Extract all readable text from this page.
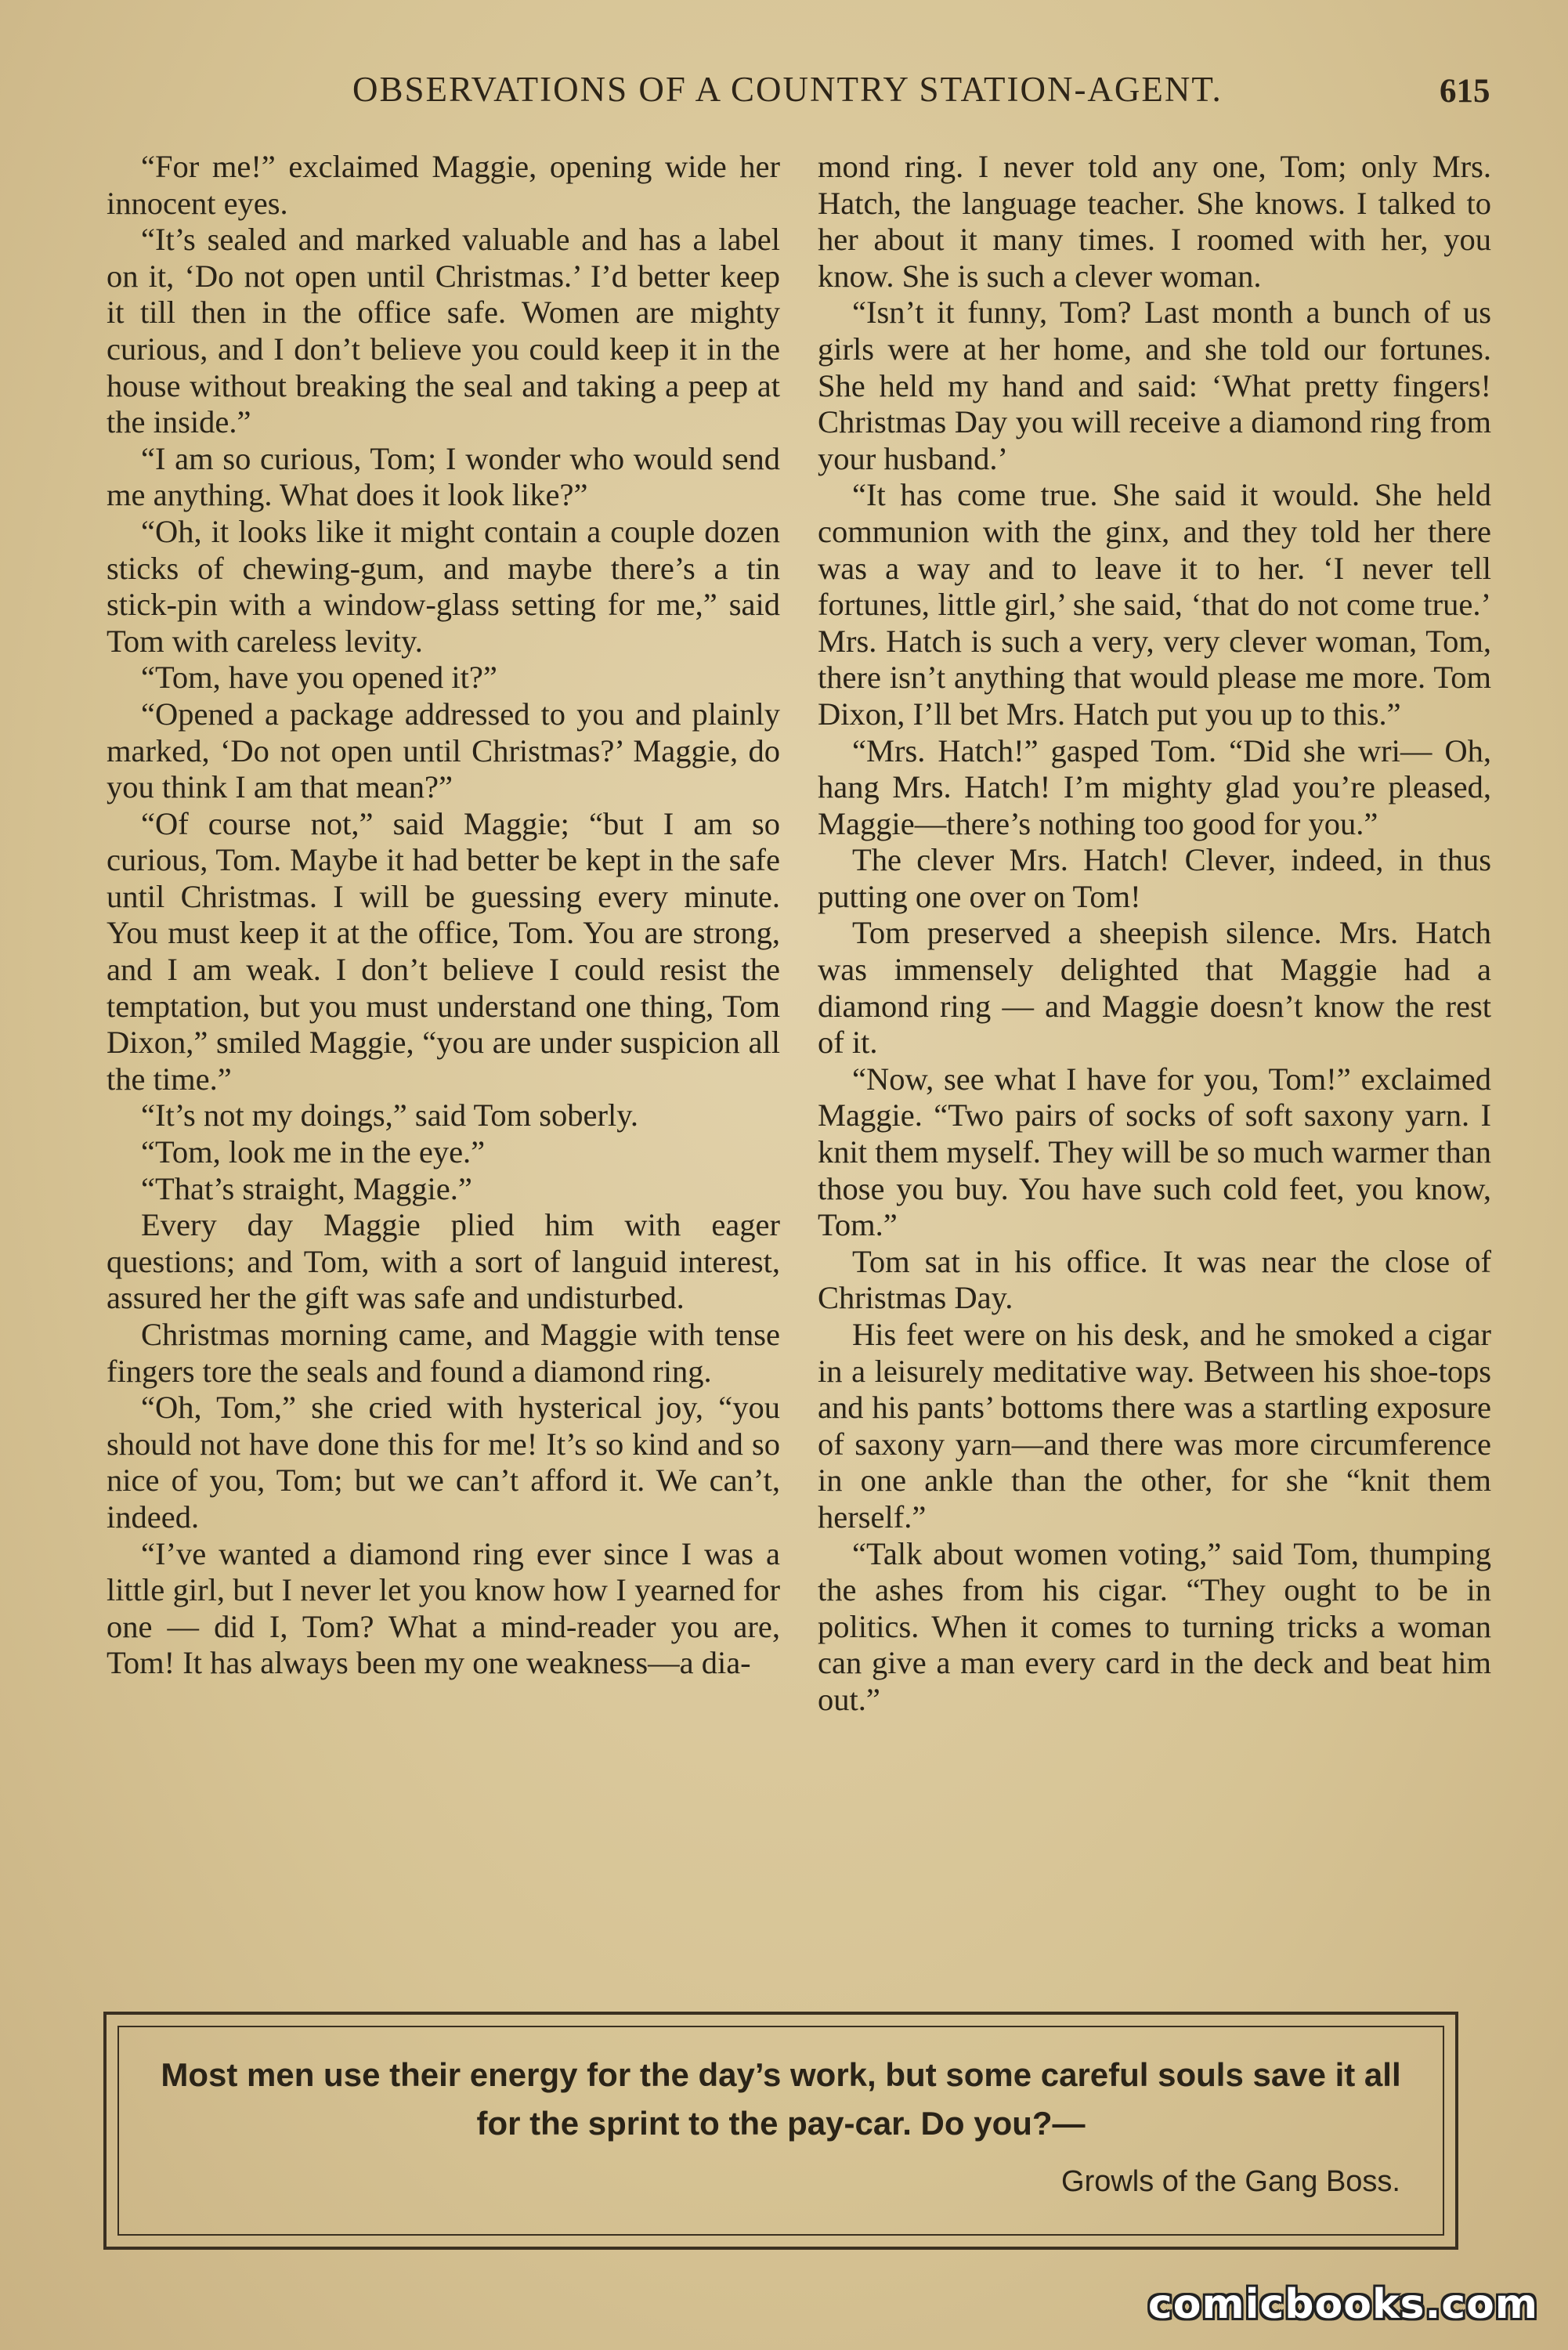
OBSERVATIONS OF A COUNTRY STATION-AGENT.	615

“For me!” exclaimed Maggie, opening wide her innocent eyes.

“It’s sealed and marked valuable and has a label on it, ‘Do not open until Christmas.’ I’d better keep it till then in the office safe. Women are mighty curious, and I don’t believe you could keep it in the house without breaking the seal and taking a peep at the inside.”

“I am so curious, Tom; I wonder who would send me anything. What does it look like?”

“Oh, it looks like it might contain a couple dozen sticks of chewing-gum, and maybe there’s a tin stick-pin with a window-glass setting for me,” said Tom with careless levity.

“Tom, have you opened it?”

“Opened a package addressed to you and plainly marked, ‘Do not open until Christmas?’ Maggie, do you think I am that mean?”

“Of course not,” said Maggie; “but I am so curious, Tom. Maybe it had better be kept in the safe until Christmas. I will be guessing every minute. You must keep it at the office, Tom. You are strong, and I am weak. I don’t believe I could resist the temptation, but you must understand one thing, Tom Dixon,” smiled Maggie, “you are under suspicion all the time.”

“It’s not my doings,” said Tom soberly.

“Tom, look me in the eye.”

“That’s straight, Maggie.”

Every day Maggie plied him with eager questions; and Tom, with a sort of languid interest, assured her the gift was safe and undisturbed.

Christmas morning came, and Maggie with tense fingers tore the seals and found a diamond ring.

“Oh, Tom,” she cried with hysterical joy, “you should not have done this for me! It’s so kind and so nice of you, Tom; but we can’t afford it. We can’t, indeed.

“I’ve wanted a diamond ring ever since I was a little girl, but I never let you know how I yearned for one — did I, Tom? What a mind-reader you are, Tom! It has always been my one weakness—a dia-

mond ring. I never told any one, Tom; only Mrs. Hatch, the language teacher. She knows. I talked to her about it many times. I roomed with her, you know. She is such a clever woman.

“Isn’t it funny, Tom? Last month a bunch of us girls were at her home, and she told our fortunes. She held my hand and said: ‘What pretty fingers! Christmas Day you will receive a diamond ring from your husband.’

“It has come true. She said it would. She held communion with the ginx, and they told her there was a way and to leave it to her. ‘I never tell fortunes, little girl,’ she said, ‘that do not come true.’ Mrs. Hatch is such a very, very clever woman, Tom, there isn’t anything that would please me more. Tom Dixon, I’ll bet Mrs. Hatch put you up to this.”

“Mrs. Hatch!” gasped Tom. “Did she wri— Oh, hang Mrs. Hatch! I’m mighty glad you’re pleased, Maggie—there’s nothing too good for you.”

The clever Mrs. Hatch! Clever, indeed, in thus putting one over on Tom!

Tom preserved a sheepish silence. Mrs. Hatch was immensely delighted that Maggie had a diamond ring — and Maggie doesn’t know the rest of it.

“Now, see what I have for you, Tom!” exclaimed Maggie. “Two pairs of socks of soft saxony yarn. I knit them myself. They will be so much warmer than those you buy. You have such cold feet, you know, Tom.”

Tom sat in his office. It was near the close of Christmas Day.

His feet were on his desk, and he smoked a cigar in a leisurely meditative way. Between his shoe-tops and his pants’ bottoms there was a startling exposure of saxony yarn—and there was more circumference in one ankle than the other, for she “knit them herself.”

“Talk about women voting,” said Tom, thumping the ashes from his cigar. “They ought to be in politics. When it comes to turning tricks a woman can give a man every card in the deck and beat him out.”

Most men use their energy for the day’s work, but some careful souls save it all for the sprint to the pay-car. Do you?—
Growls of the Gang Boss.
comicbooks.com
